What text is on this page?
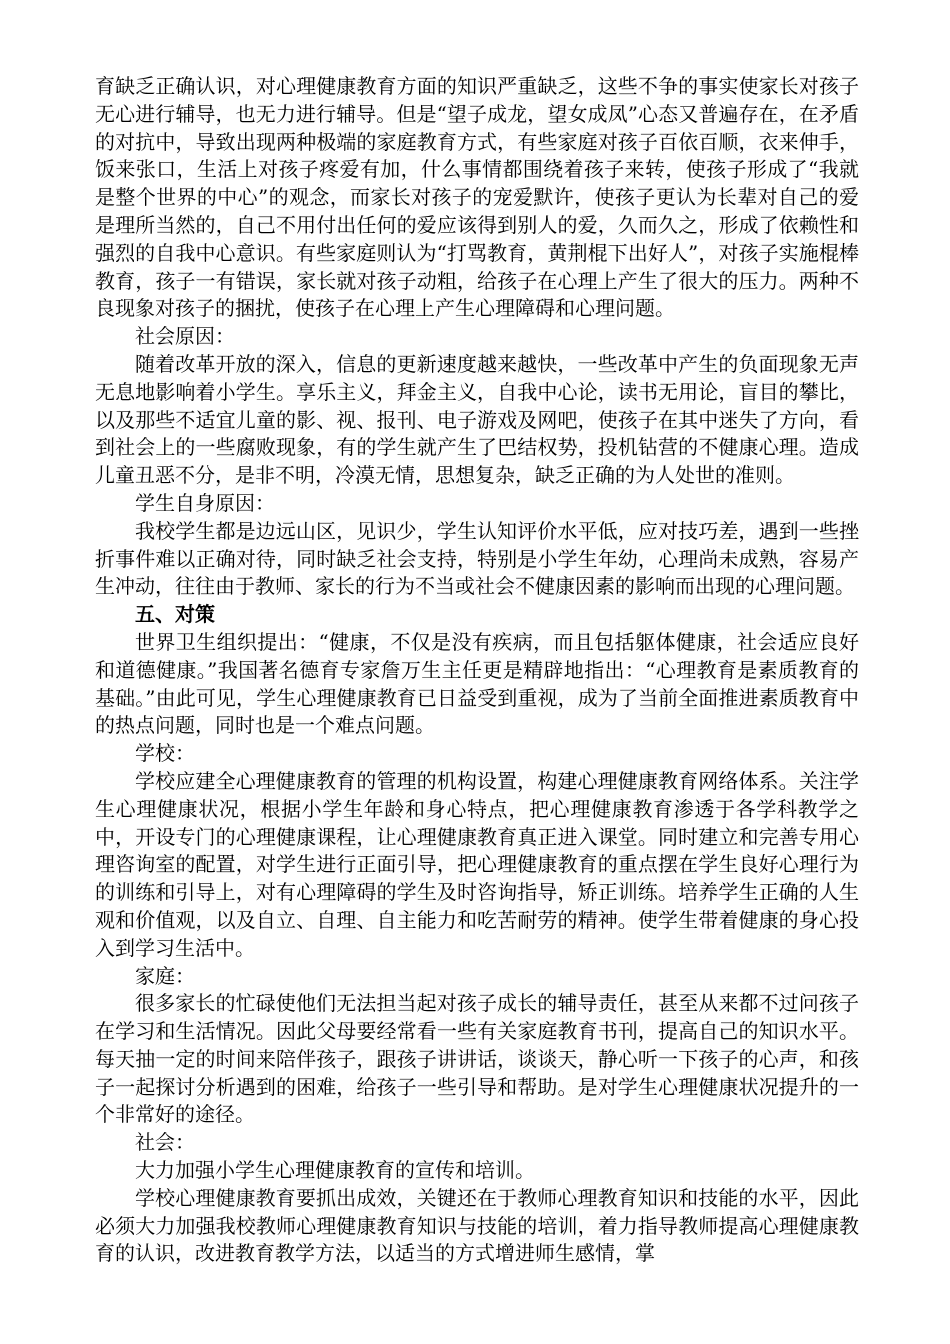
育缺乏正确认识，对心理健康教育方面的知识严重缺乏，这些不争的事实使家长对孩子无心进行辅导，也无力进行辅导。但是“望子成龙，望女成凤”心态又普遍存在，在矛盾的对抗中，导致出现两种极端的家庭教育方式，有些家庭对孩子百依百顺，衣来伸手，饭来张口，生活上对孩子疼爱有加，什么事情都围绕着孩子来转，使孩子形成了“我就是整个世界的中心”的观念，而家长对孩子的宠爱默许，使孩子更认为长辈对自己的爱是理所当然的，自己不用付出任何的爱应该得到别人的爱，久而久之，形成了依赖性和强烈的自我中心意识。有些家庭则认为“打骂教育，黄荆棍下出好人”，对孩子实施棍棒教育，孩子一有错误，家长就对孩子动粗，给孩子在心理上产生了很大的压力。两种不良现象对孩子的捆扰，使孩子在心理上产生心理障碍和心理问题。

社会原因：

随着改革开放的深入，信息的更新速度越来越快，一些改革中产生的负面现象无声无息地影响着小学生。享乐主义，拜金主义，自我中心论，读书无用论，盲目的攀比，以及那些不适宜儿童的影、视、报刊、电子游戏及网吧，使孩子在其中迷失了方向，看到社会上的一些腐败现象，有的学生就产生了巴结权势，投机钻营的不健康心理。造成儿童丑恶不分，是非不明，冷漠无情，思想复杂，缺乏正确的为人处世的准则。

学生自身原因：

我校学生都是边远山区，见识少，学生认知评价水平低，应对技巧差，遇到一些挫折事件难以正确对待，同时缺乏社会支持，特别是小学生年幼，心理尚未成熟，容易产生冲动，往往由于教师、家长的行为不当或社会不健康因素的影响而出现的心理问题。

五、对策

世界卫生组织提出：“健康，不仅是没有疾病，而且包括躯体健康，社会适应良好和道德健康。”我国著名德育专家詹万生主任更是精辟地指出：“心理教育是素质教育的基础。”由此可见，学生心理健康教育已日益受到重视，成为了当前全面推进素质教育中的热点问题，同时也是一个难点问题。

学校：

学校应建全心理健康教育的管理的机构设置，构建心理健康教育网络体系。关注学生心理健康状况，根据小学生年龄和身心特点，把心理健康教育渗透于各学科教学之中，开设专门的心理健康课程，让心理健康教育真正进入课堂。同时建立和完善专用心理咨询室的配置，对学生进行正面引导，把心理健康教育的重点摆在学生良好心理行为的训练和引导上，对有心理障碍的学生及时咨询指导，矫正训练。培养学生正确的人生观和价值观，以及自立、自理、自主能力和吃苦耐劳的精神。使学生带着健康的身心投入到学习生活中。

家庭：

很多家长的忙碌使他们无法担当起对孩子成长的辅导责任，甚至从来都不过问孩子在学习和生活情况。因此父母要经常看一些有关家庭教育书刊，提高自己的知识水平。每天抽一定的时间来陪伴孩子，跟孩子讲讲话，谈谈天，静心听一下孩子的心声，和孩子一起探讨分析遇到的困难，给孩子一些引导和帮助。是对学生心理健康状况提升的一个非常好的途径。

社会：

大力加强小学生心理健康教育的宣传和培训。

学校心理健康教育要抓出成效，关键还在于教师心理教育知识和技能的水平，因此必须大力加强我校教师心理健康教育知识与技能的培训，着力指导教师提高心理健康教育的认识，改进教育教学方法，以适当的方式增进师生感情，掌
